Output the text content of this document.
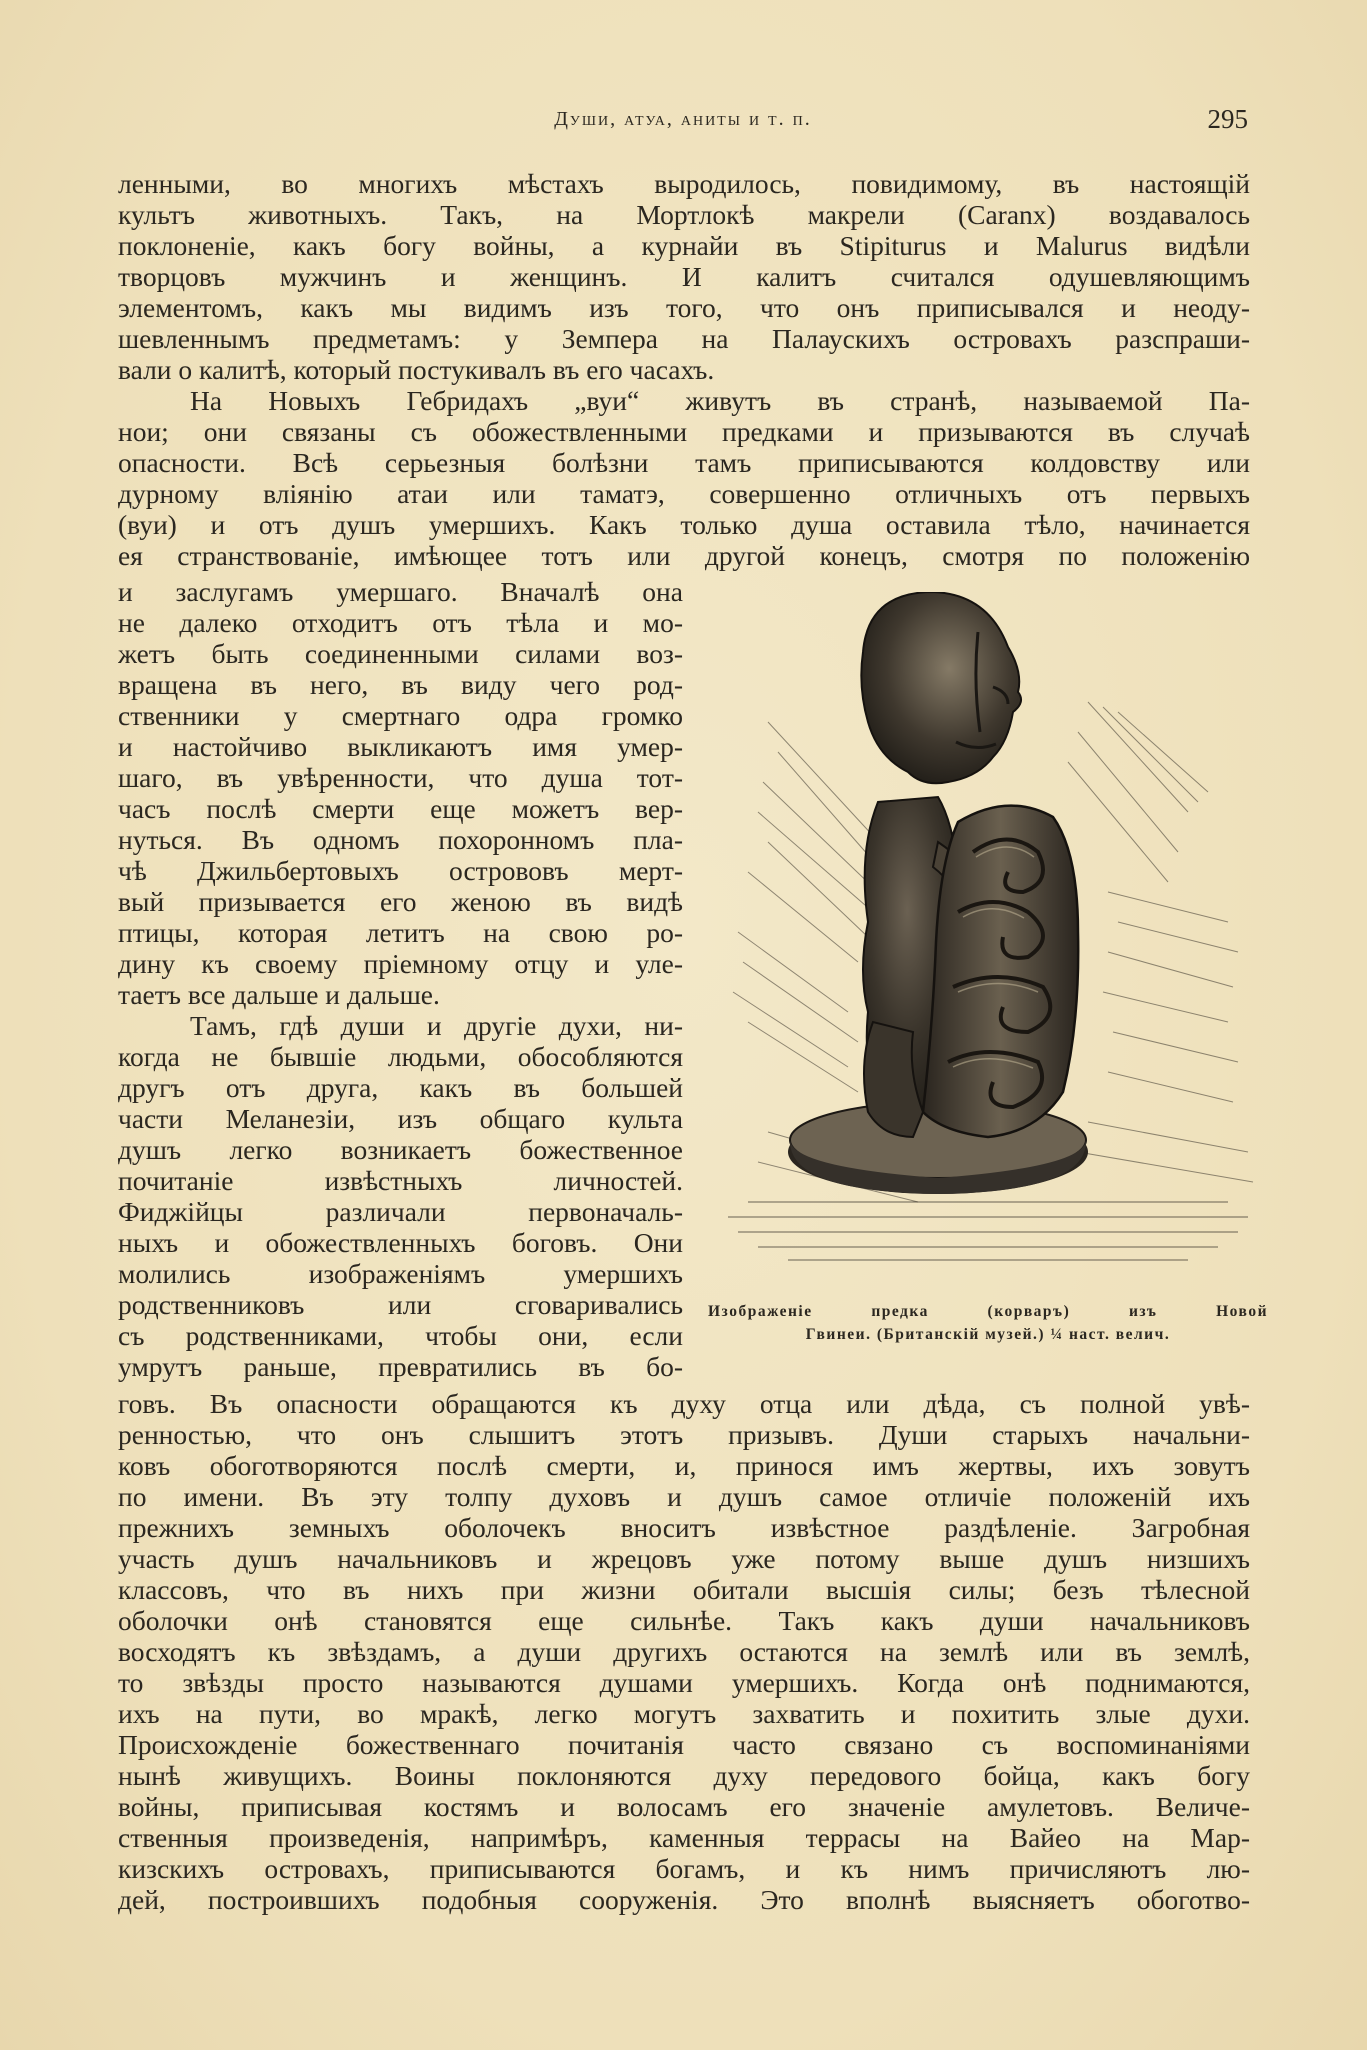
Души, атуа, аниты и т. п.	295
ленными, во многихъ мѣстахъ выродилось, повидимому, въ настоящій
культъ животныхъ. Такъ, на Мортлокѣ макрели (Caranx) воздавалось
поклоненіе, какъ богу войны, а курнайи въ Stipiturus и Malurus видѣли
творцовъ мужчинъ и женщинъ. И калитъ считался одушевляющимъ
элементомъ, какъ мы видимъ изъ того, что онъ приписывался и неоду-
шевленнымъ предметамъ: у Земпера на Палаускихъ островахъ разспраши-
вали о калитѣ, который постукивалъ въ его часахъ.
На Новыхъ Гебридахъ „вуи“ живутъ въ странѣ, называемой Па-
нои; они связаны съ обожествленными предками и призываются въ случаѣ
опасности. Всѣ серьезныя болѣзни тамъ приписываются колдовству или
дурному вліянію атаи или таматэ, совершенно отличныхъ отъ первыхъ
(вуи) и отъ душъ умершихъ. Какъ только душа оставила тѣло, начинается
ея странствованіе, имѣющее тотъ или другой конецъ, смотря по положенію
и заслугамъ умершаго. Вначалѣ она
не далеко отходитъ отъ тѣла и мо-
жетъ быть соединенными силами воз-
вращена въ него, въ виду чего род-
ственники у смертнаго одра громко
и настойчиво выкликаютъ имя умер-
шаго, въ увѣренности, что душа тот-
часъ послѣ смерти еще можетъ вер-
нуться. Въ одномъ похоронномъ пла-
чѣ Джильбертовыхъ острововъ мерт-
вый призывается его женою въ видѣ
птицы, которая летитъ на свою ро-
дину къ своему пріемному отцу и уле-
таетъ все дальше и дальше.
Тамъ, гдѣ души и другіе духи, ни-
когда не бывшіе людьми, обособляются
другъ отъ друга, какъ въ большей
части Меланезіи, изъ общаго культа
душъ легко возникаетъ божественное
почитаніе извѣстныхъ личностей.
Фиджійцы различали первоначаль-
ныхъ и обожествленныхъ боговъ. Они
молились изображеніямъ умершихъ
родственниковъ или сговаривались
съ родственниками, чтобы они, если
умрутъ раньше, превратились въ бо-
говъ. Въ опасности обращаются къ духу отца или дѣда, съ полной увѣ-
ренностью, что онъ слышитъ этотъ призывъ. Души старыхъ начальни-
ковъ обоготворяются послѣ смерти, и, принося имъ жертвы, ихъ зовутъ
по имени. Въ эту толпу духовъ и душъ самое отличіе положеній ихъ
прежнихъ земныхъ оболочекъ вноситъ извѣстное раздѣленіе. Загробная
участь душъ начальниковъ и жрецовъ уже потому выше душъ низшихъ
классовъ, что въ нихъ при жизни обитали высшія силы; безъ тѣлесной
оболочки онѣ становятся еще сильнѣе. Такъ какъ души начальниковъ
восходятъ къ звѣздамъ, а души другихъ остаются на землѣ или въ землѣ,
то звѣзды просто называются душами умершихъ. Когда онѣ поднимаются,
ихъ на пути, во мракѣ, легко могутъ захватить и похитить злые духи.
Происхожденіе божественнаго почитанія часто связано съ воспоминаніями
нынѣ живущихъ. Воины поклоняются духу передового бойца, какъ богу
войны, приписывая костямъ и волосамъ его значеніе амулетовъ. Величе-
ственныя произведенія, напримѣръ, каменныя террасы на Вайео на Мар-
кизскихъ островахъ, приписываются богамъ, и къ нимъ причисляютъ лю-
дей, построившихъ подобныя сооруженія. Это вполнѣ выясняетъ обоготво-
Изображеніе предка (корваръ) изъ Новой
Гвинеи. (Британскій музей.) ¼ наст. велич.
